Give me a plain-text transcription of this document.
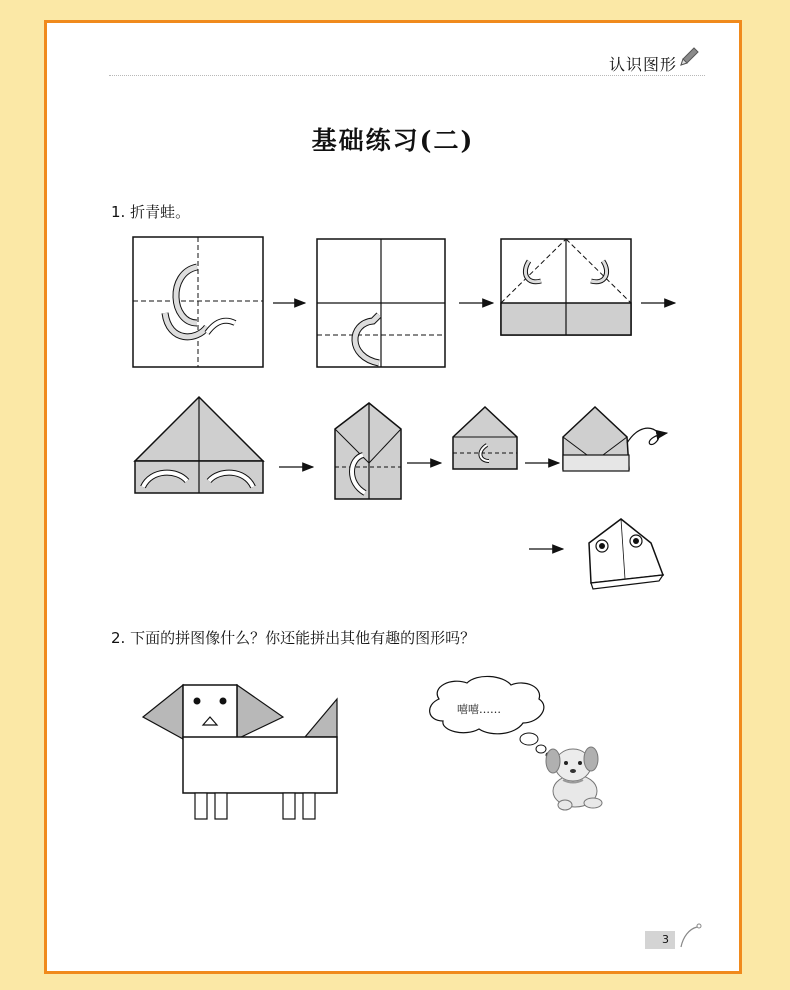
认识图形
基础练习(二)
1. 折青蛙。
2. 下面的拼图像什么？你还能拼出其他有趣的图形吗？
嘻嘻……
3
